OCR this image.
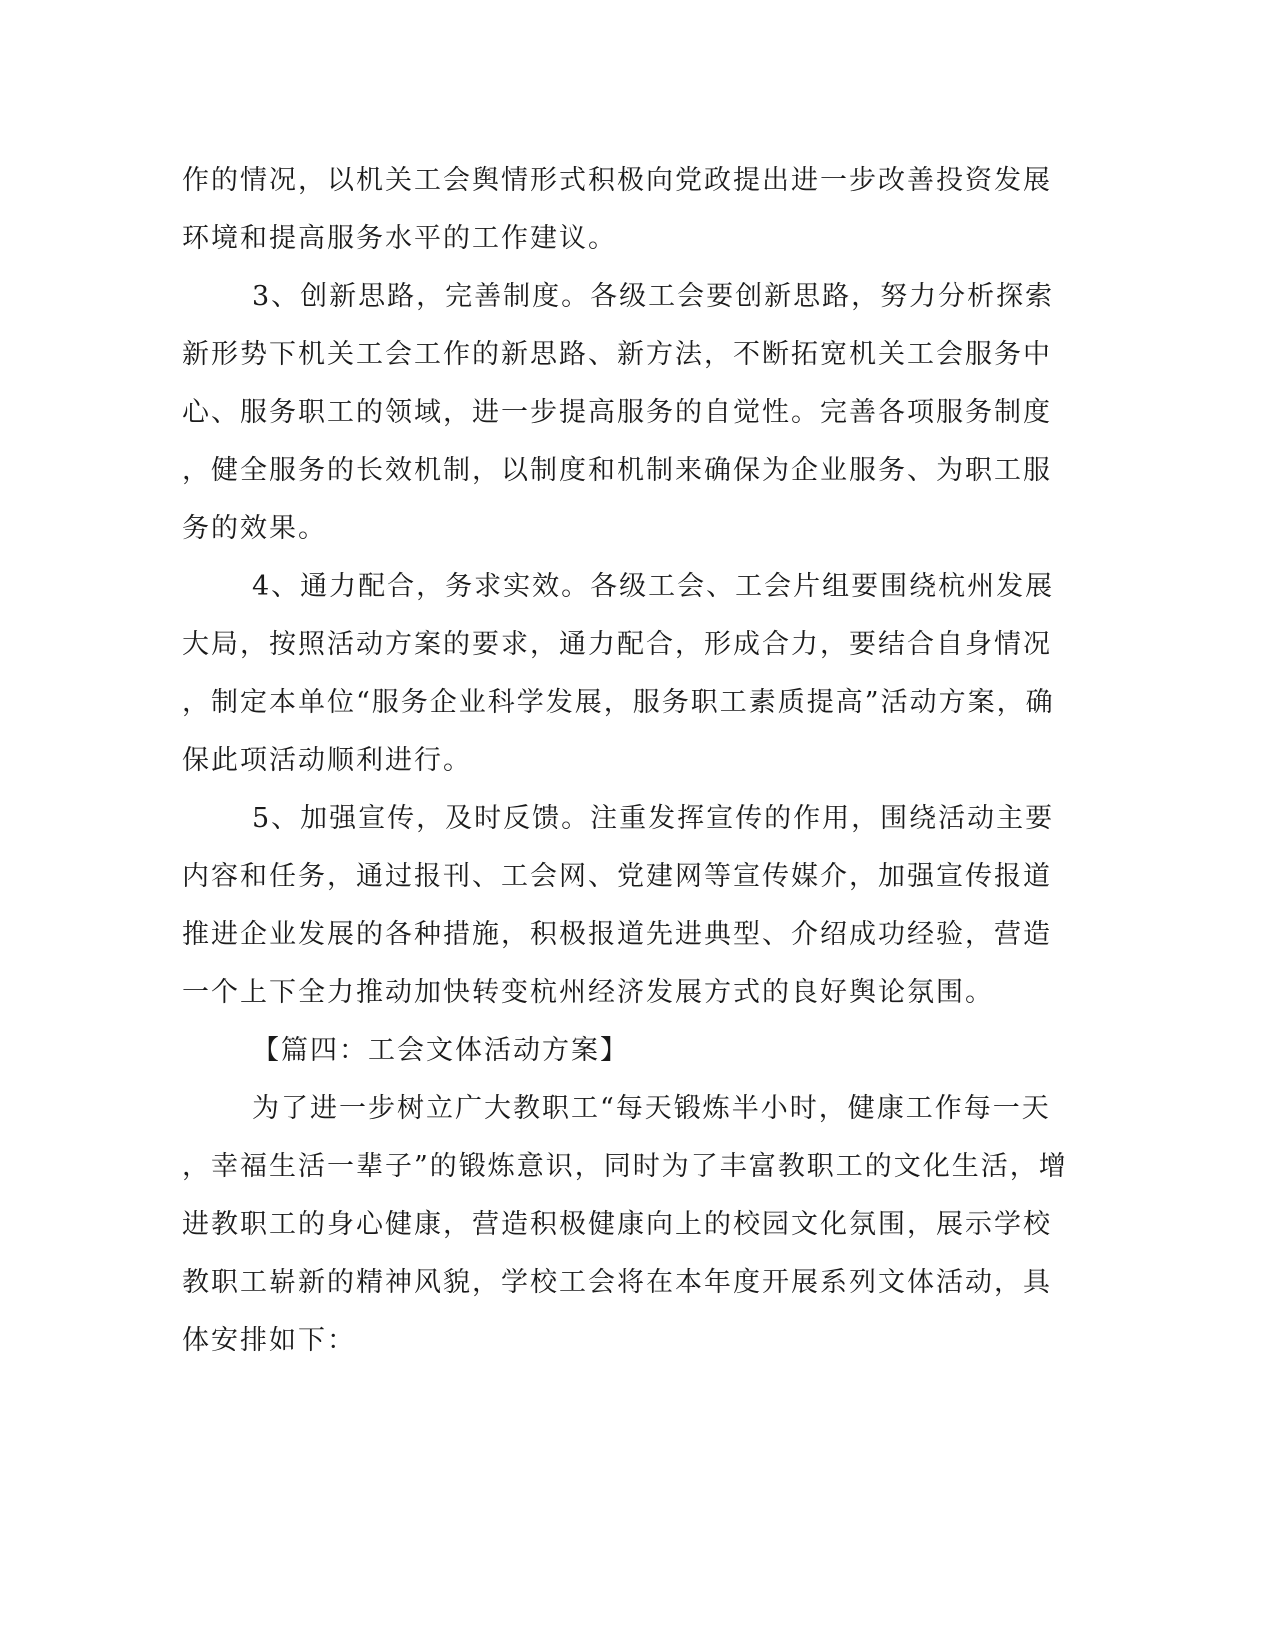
作的情况，以机关工会舆情形式积极向党政提出进一步改善投资发展
环境和提高服务水平的工作建议。
3、创新思路，完善制度。各级工会要创新思路，努力分析探索
新形势下机关工会工作的新思路、新方法，不断拓宽机关工会服务中
心、服务职工的领域，进一步提高服务的自觉性。完善各项服务制度
，健全服务的长效机制，以制度和机制来确保为企业服务、为职工服
务的效果。
4、通力配合，务求实效。各级工会、工会片组要围绕杭州发展
大局，按照活动方案的要求，通力配合，形成合力，要结合自身情况
，制定本单位“服务企业科学发展，服务职工素质提高”活动方案，确
保此项活动顺利进行。
5、加强宣传，及时反馈。注重发挥宣传的作用，围绕活动主要
内容和任务，通过报刊、工会网、党建网等宣传媒介，加强宣传报道
推进企业发展的各种措施，积极报道先进典型、介绍成功经验，营造
一个上下全力推动加快转变杭州经济发展方式的良好舆论氛围。
【篇四：工会文体活动方案】
为了进一步树立广大教职工“每天锻炼半小时，健康工作每一天
，幸福生活一辈子”的锻炼意识，同时为了丰富教职工的文化生活，增
进教职工的身心健康，营造积极健康向上的校园文化氛围，展示学校
教职工崭新的精神风貌，学校工会将在本年度开展系列文体活动，具
体安排如下：
